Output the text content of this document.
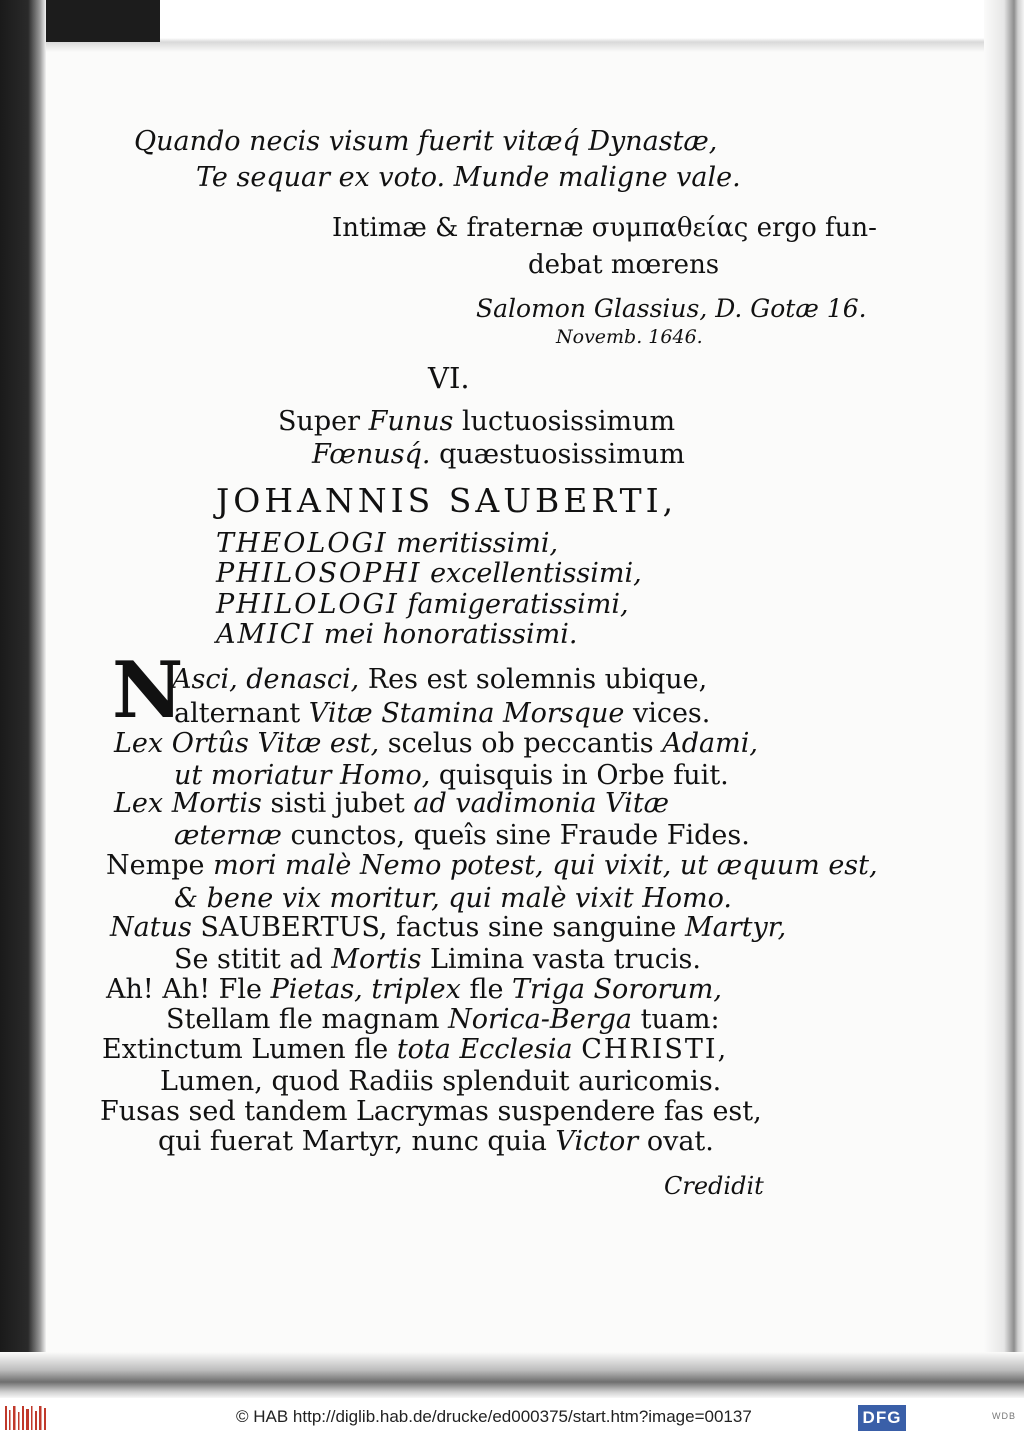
Quando necis visum fuerit vitæq́ Dynastæ,
Te sequar ex voto. Munde maligne vale.
Intimæ & fraternæ συμπαθείας ergo fun-
debat mœrens
Salomon Glassius, D. Gotæ 16.
Novemb. 1646.
VI.
Super Funus luctuosissimum
Fœnusq́. quæstuosissimum
JOHANNIS SAUBERTI,
THEOLOGI meritissimi,
PHILOSOPHI excellentissimi,
PHILOLOGI famigeratissimi,
AMICI mei honoratissimi.
N
Asci, denasci, Res est solemnis ubique,
alternant Vitæ Stamina Morsque vices.
Lex Ortûs Vitæ est, scelus ob peccantis Adami,
ut moriatur Homo, quisquis in Orbe fuit.
Lex Mortis sisti jubet ad vadimonia Vitæ
æternæ cunctos, queîs sine Fraude Fides.
Nempe mori malè Nemo potest, qui vixit, ut æquum est,
& bene vix moritur, qui malè vixit Homo.
Natus SAUBERTUS, factus sine sanguine Martyr,
Se stitit ad Mortis Limina vasta trucis.
Ah! Ah! Fle Pietas, triplex fle Triga Sororum,
Stellam fle magnam Norica-Berga tuam:
Extinctum Lumen fle tota Ecclesia CHRISTI,
Lumen, quod Radiis splenduit auricomis.
Fusas sed tandem Lacrymas suspendere fas est,
qui fuerat Martyr, nunc quia Victor ovat.
Credidit
© HAB http://diglib.hab.de/drucke/ed000375/start.htm?image=00137	DFG	WDB
